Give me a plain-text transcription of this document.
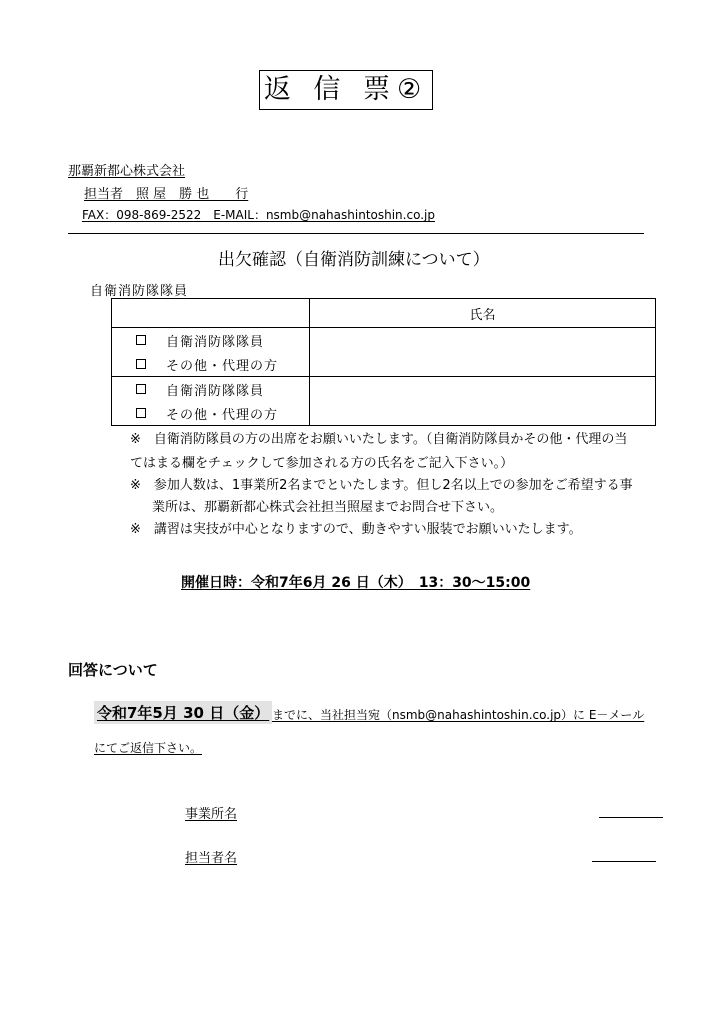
返 信 票②
那覇新都心株式会社
担当者　照 屋　勝 也　　行
FAX：098-869-2522　E-MAIL：nsmb@nahashintoshin.co.jp
出欠確認（自衛消防訓練について）
自衛消防隊隊員
	氏名

自衛消防隊隊員
その他・代理の方	

自衛消防隊隊員
その他・代理の方	

※　自衛消防隊員の方の出席をお願いいたします。（自衛消防隊員かその他・代理の当
てはまる欄をチェックして参加される方の氏名をご記入下さい。）
※　参加人数は、1事業所2名までといたします。但し2名以上での参加をご希望する事
業所は、那覇新都心株式会社担当照屋までお問合せ下さい。
※　講習は実技が中心となりますので、動きやすい服装でお願いいたします。
開催日時：令和7年6月 26 日（木）　13：30〜15:00
回答について
令和7年5月 30 日（金） までに、当社担当宛（nsmb@nahashintoshin.co.jp）に E－メール
にてご返信下さい。
事業所名
担当者名
